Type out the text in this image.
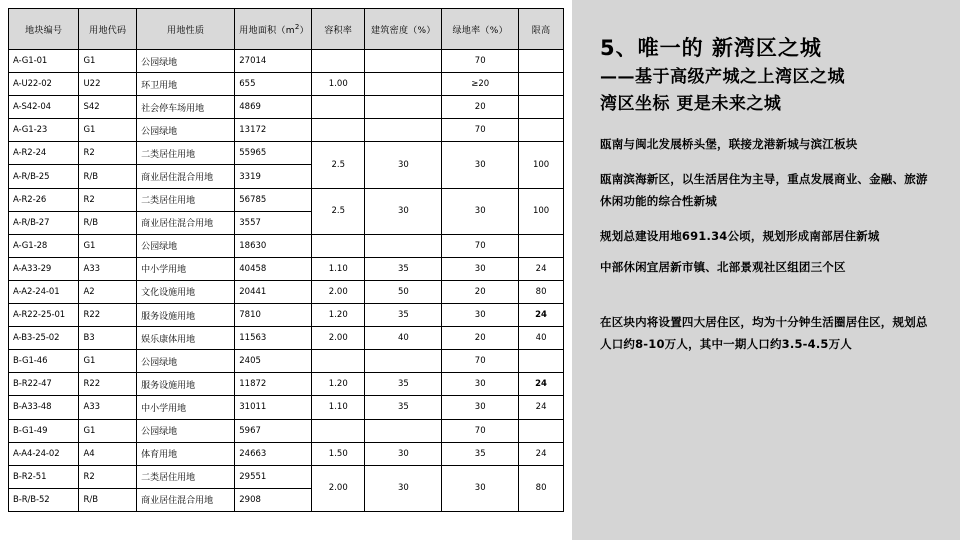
地块编号	用地代码	用地性质	用地面积$(m^2)$	容积率	建筑密度（%）	绿地率（%）	限高
A-G1-01	G1	公园绿地	27014			70	
A-U22-02	U22	环卫用地	655	1.00		≥20	
A-S42-04	S42	社会停车场用地	4869			20	
A-G1-23	G1	公园绿地	13172			70	
A-R2-24	R2	二类居住用地	55965	2.5	30	30	100
A-R/B-25	R/B	商业居住混合用地	3319				
A-R2-26	R2	二类居住用地	56785	2.5	30	30	100
A-R/B-27	R/B	商业居住混合用地	3557				
A-G1-28	G1	公园绿地	18630			70	
A-A33-29	A33	中小学用地	40458	1.10	35	30	24
A-A2-24-01	A2	文化设施用地	20441	2.00	50	20	80
A-R22-25-01	R22	服务设施用地	7810	1.20	35	30	24
A-B3-25-02	B3	娱乐康体用地	11563	2.00	40	20	40
B-G1-46	G1	公园绿地	2405			70	
B-R22-47	R22	服务设施用地	11872	1.20	35	30	24
B-A33-48	A33	中小学用地	31011	1.10	35	30	24
B-G1-49	G1	公园绿地	5967			70	
A-A4-24-02	A4	体育用地	24663	1.50	30	35	24
B-R2-51	R2	二类居住用地	29551	2.00	30	30	80
B-R/B-52	R/B	商业居住混合用地	2908				
5、唯一的 新湾区之城
——基于高级产城之上湾区之城
湾区坐标 更是未来之城

瓯南与闽北发展桥头堡，联接龙港新城与滨江板块

瓯南滨海新区，以生活居住为主导，重点发展商业、金融、旅游休闲功能的综合性新城

规划总建设用地691.34公顷，规划形成南部居住新城

中部休闲宜居新市镇、北部景观社区组团三个区

在区块内将设置四大居住区，均为十分钟生活圈居住区，规划总人口约8-10万人，其中一期人口约3.5-4.5万人
